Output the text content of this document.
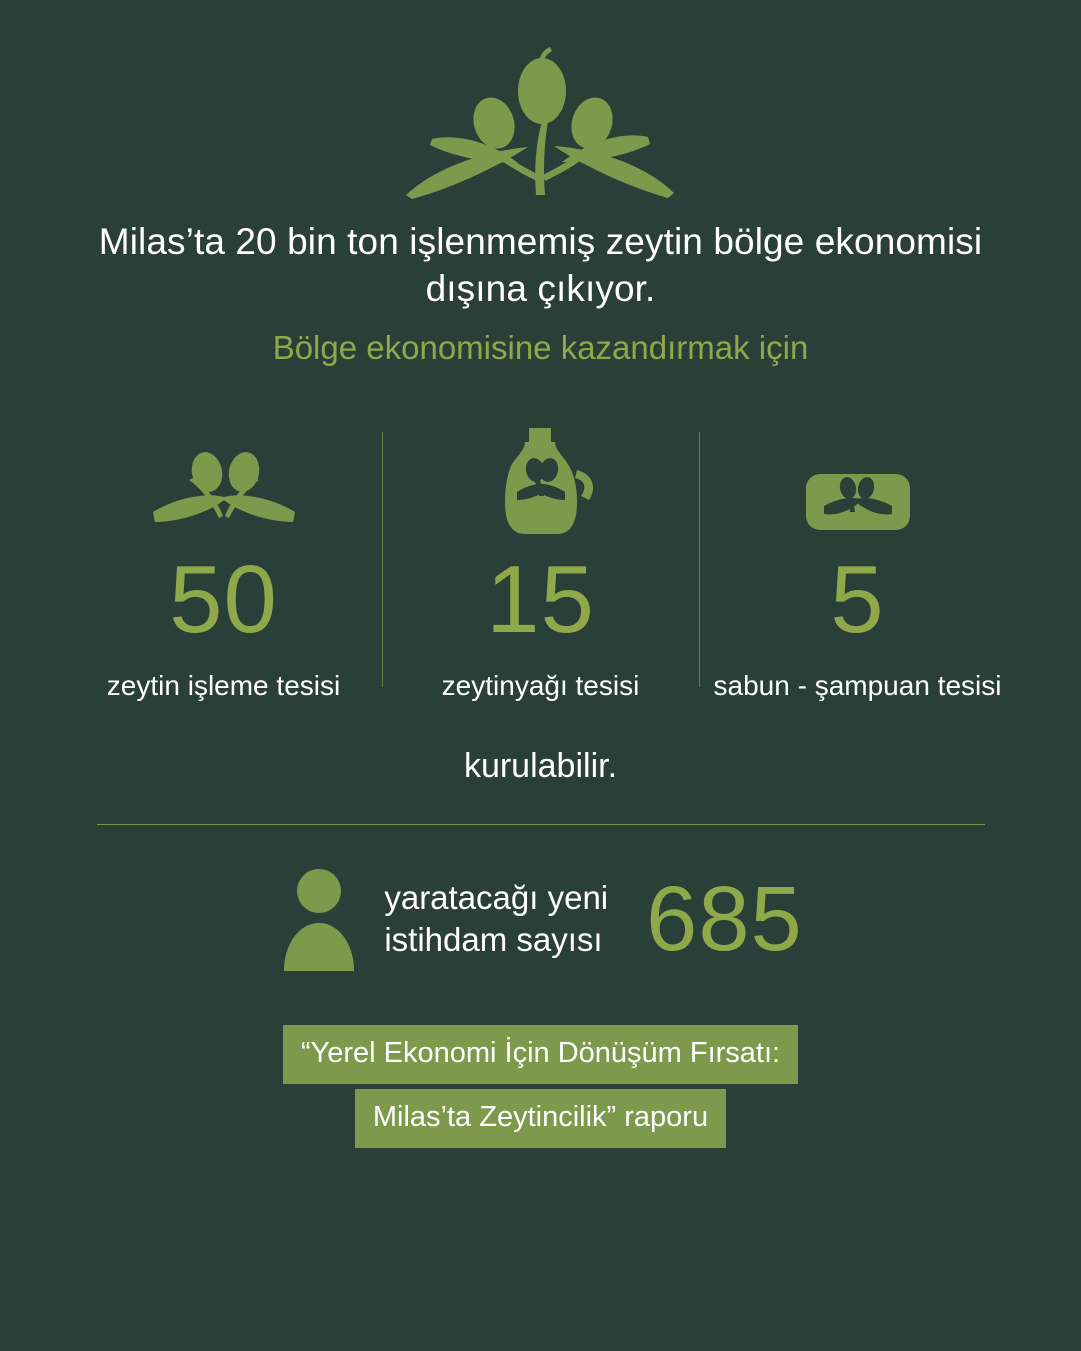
Milas’ta 20 bin ton işlenmemiş zeytin bölge ekonomisi dışına çıkıyor.
Bölge ekonomisine kazandırmak için
50
zeytin işleme tesisi
15
zeytinyağı tesisi
5
sabun - şampuan tesisi
kurulabilir.
yaratacağı yeni
istihdam sayısı 685
“Yerel Ekonomi İçin Dönüşüm Fırsatı:
Milas’ta Zeytincilik” raporu
